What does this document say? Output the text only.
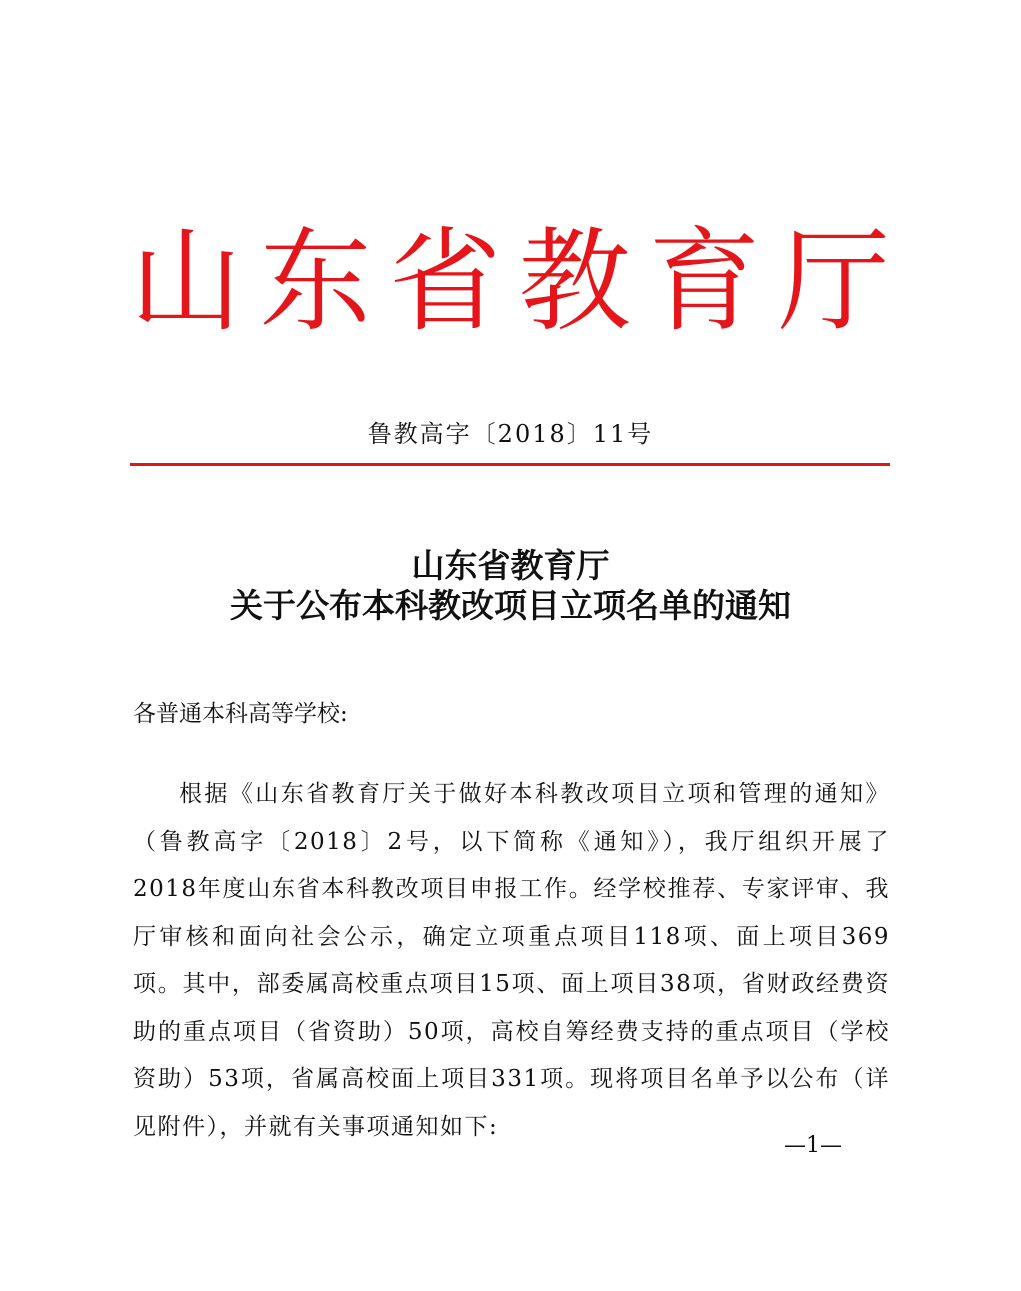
山 东 省 教 育 厅
鲁教高字〔2018〕11号
山东省教育厅
关于公布本科教改项目立项名单的通知
各普通本科高等学校:

根据《山东省教育厅关于做好本科教改项目立项和管理的通知》（鲁教高字〔2018〕2号，以下简称《通知》），我厅组织开展了2018年度山东省本科教改项目申报工作。经学校推荐、专家评审、我厅审核和面向社会公示，确定立项重点项目118项、面上项目369项。其中，部委属高校重点项目15项、面上项目38项，省财政经费资助的重点项目（省资助）50项，高校自筹经费支持的重点项目（学校资助）53项，省属高校面上项目331项。现将项目名单予以公布（详见附件），并就有关事项通知如下:

—1—
